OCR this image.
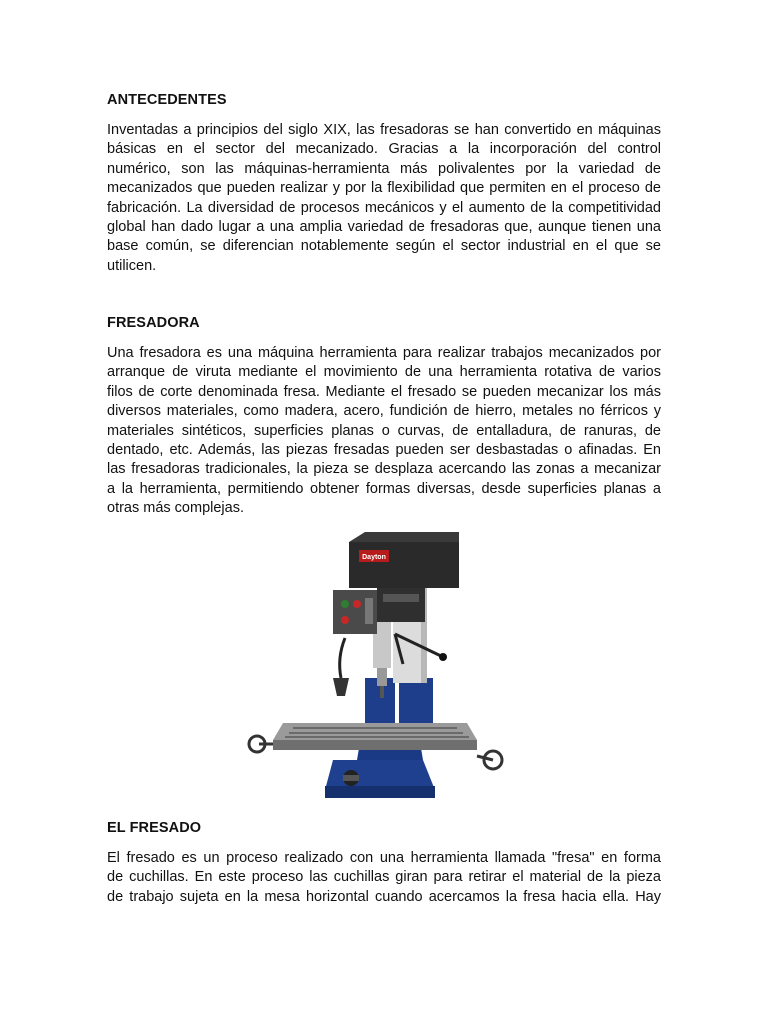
ANTECEDENTES
Inventadas a principios del siglo XIX, las fresadoras se han convertido en máquinas
básicas en el sector del mecanizado. Gracias a la incorporación del control
numérico, son las máquinas-herramienta más polivalentes por la variedad de
mecanizados que pueden realizar y por la flexibilidad que permiten en el proceso de
fabricación. La diversidad de procesos mecánicos y el aumento de la competitividad
global han dado lugar a una amplia variedad de fresadoras que, aunque tienen una
base común, se diferencian notablemente según el sector industrial en el que se
utilicen.
FRESADORA
Una fresadora es una máquina herramienta para realizar trabajos mecanizados por
arranque de viruta mediante el movimiento de una herramienta rotativa de varios
filos de corte denominada fresa. Mediante el fresado se pueden mecanizar los más
diversos materiales, como madera, acero, fundición de hierro, metales no férricos y
materiales sintéticos, superficies planas o curvas, de entalladura, de ranuras, de
dentado, etc. Además, las piezas fresadas pueden ser desbastadas o afinadas. En
las fresadoras tradicionales, la pieza se desplaza acercando las zonas a mecanizar
a la herramienta, permitiendo obtener formas diversas, desde superficies planas a
otras más complejas.
EL FRESADO
El fresado es un proceso realizado con una herramienta llamada "fresa" en forma
de cuchillas. En este proceso las cuchillas giran para retirar el material de la pieza
de trabajo sujeta en la mesa horizontal cuando acercamos la fresa hacia ella. Hay
Dayton
